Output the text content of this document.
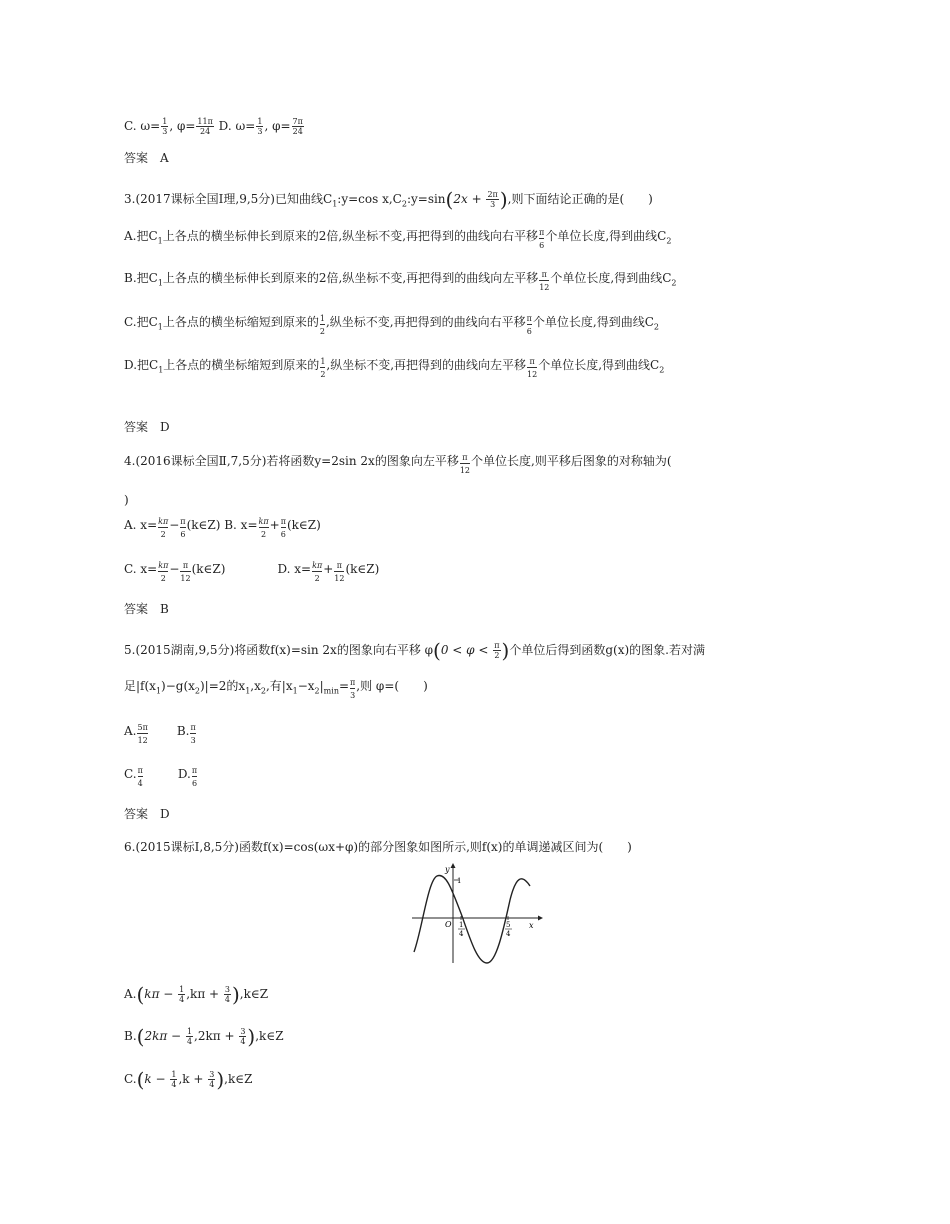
C. $\omega= \frac{1}{3}$ , $\varphi= \frac{11\pi}{24} D$. $\omega= \frac{1}{3}$ , $\varphi= \frac{7\pi}{24}$
答案　A
3.(2017课标全国Ⅰ理,9,5分)已知曲线$C_1:y=\cos$ $x,C_2:y=\sin(2x + \frac{2\pi}{3}$ ),则下面结论正确的是(　　)
A.把$C_1$上各点的横坐标伸长到原来的2倍,纵坐标不变,再把得到的曲线向右平移 $\frac{\pi}{6}$ 个单位长度,得到曲线$C_2$
B.把$C_1$上各点的横坐标伸长到原来的2倍,纵坐标不变,再把得到的曲线向左平移 $\frac{\pi}{12}$ 个单位长度,得到曲线$C_2$
C.把$C_1$上各点的横坐标缩短到原来的 $\frac{1}{2}$ ,纵坐标不变,再把得到的曲线向右平移 $\frac{\pi}{6}$ 个单位长度,得到曲线$C_2$
D.把$C_1$上各点的横坐标缩短到原来的 $\frac{1}{2}$ ,纵坐标不变,再把得到的曲线向左平移 $\frac{\pi}{12}$ 个单位长度,得到曲线$C_2$
答案　D
4.(2016课标全国Ⅱ,7,5分)若将函数y=2sin 2x的图象向左平移 $\frac{\pi}{12}$ 个单位长度,则平移后图象的对称轴为(
)
A. $x= \frac{k\pi}{2} - \frac{\pi}{6}$ (k∈Z) B. $x= \frac{k\pi}{2} + \frac{\pi}{6}$ (k∈Z)
C. $x= \frac{k\pi}{2} - \frac{\pi}{12}$ (k∈Z)	D. $x= \frac{k\pi}{2} + \frac{\pi}{12}$ (k∈Z)
答案　B
5.(2015湖南,9,5分)将函数f(x)=sin 2x的图象向右平移 $\varphi(0 < \varphi < \frac{\pi}{2}$ )个单位后得到函数g(x)的图象.若对满
足$|f(x_1)-g(x_2)|=2$的$x_1,x_2$,有$|x_1-x_2|_{min}= \frac{\pi}{3}$ ,则 φ=(　　)
A. $\frac{5\pi}{12} B$. $\frac{\pi}{3}$
C. $\frac{\pi}{4}$	D. $\frac{\pi}{6}$
答案　D
6.(2015课标Ⅰ,8,5分)函数f(x)=cos(ωx+φ)的部分图象如图所示,则f(x)的单调递减区间为(　　)
y
x
O
1
1
4
5
4
$A.(k\pi - \frac{1}{4} ,k\pi + \frac{3}{4}$ ),k∈Z
$B.(2k\pi - \frac{1}{4} ,2k\pi + \frac{3}{4}$ ),k∈Z
$C.(k - \frac{1}{4} ,k + \frac{3}{4}$ ),k∈Z
